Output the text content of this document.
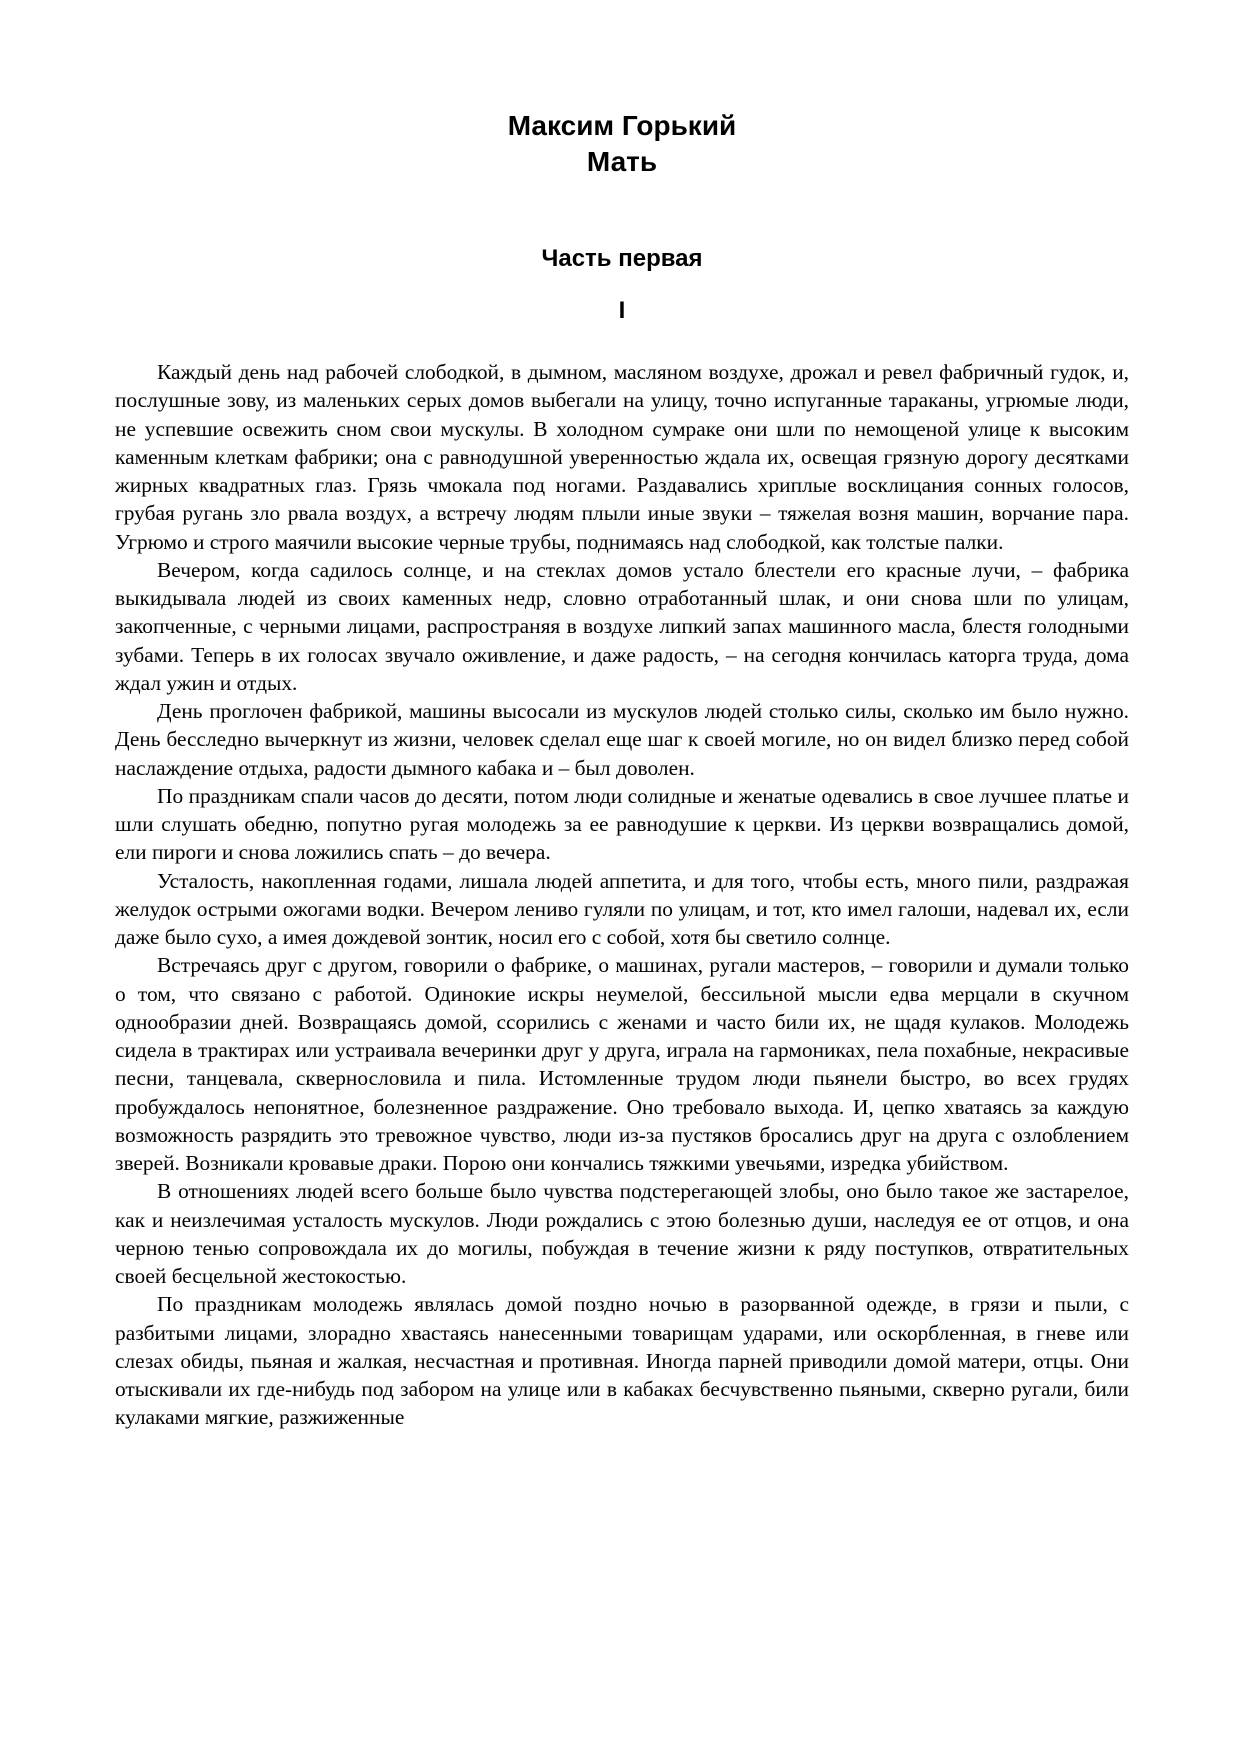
Максим Горький

Мать

Часть первая

I

Каждый день над рабочей слободкой, в дымном, масляном воздухе, дрожал и ревел фабричный гудок, и, послушные зову, из маленьких серых домов выбегали на улицу, точно испуганные тараканы, угрюмые люди, не успевшие освежить сном свои мускулы. В холодном сумраке они шли по немощеной улице к высоким каменным клеткам фабрики; она с равнодушной уверенностью ждала их, освещая грязную дорогу десятками жирных квадратных глаз. Грязь чмокала под ногами. Раздавались хриплые восклицания сонных голосов, грубая ругань зло рвала воздух, а встречу людям плыли иные звуки – тяжелая возня машин, ворчание пара. Угрюмо и строго маячили высокие черные трубы, поднимаясь над слободкой, как толстые палки.

Вечером, когда садилось солнце, и на стеклах домов устало блестели его красные лучи, – фабрика выкидывала людей из своих каменных недр, словно отработанный шлак, и они снова шли по улицам, закопченные, с черными лицами, распространяя в воздухе липкий запах машинного масла, блестя голодными зубами. Теперь в их голосах звучало оживление, и даже радость, – на сегодня кончилась каторга труда, дома ждал ужин и отдых.

День проглочен фабрикой, машины высосали из мускулов людей столько силы, сколько им было нужно. День бесследно вычеркнут из жизни, человек сделал еще шаг к своей могиле, но он видел близко перед собой наслаждение отдыха, радости дымного кабака и – был доволен.

По праздникам спали часов до десяти, потом люди солидные и женатые одевались в свое лучшее платье и шли слушать обедню, попутно ругая молодежь за ее равнодушие к церкви. Из церкви возвращались домой, ели пироги и снова ложились спать – до вечера.

Усталость, накопленная годами, лишала людей аппетита, и для того, чтобы есть, много пили, раздражая желудок острыми ожогами водки. Вечером лениво гуляли по улицам, и тот, кто имел галоши, надевал их, если даже было сухо, а имея дождевой зонтик, носил его с собой, хотя бы светило солнце.

Встречаясь друг с другом, говорили о фабрике, о машинах, ругали мастеров, – говорили и думали только о том, что связано с работой. Одинокие искры неумелой, бессильной мысли едва мерцали в скучном однообразии дней. Возвращаясь домой, ссорились с женами и часто били их, не щадя кулаков. Молодежь сидела в трактирах или устраивала вечеринки друг у друга, играла на гармониках, пела похабные, некрасивые песни, танцевала, сквернословила и пила. Истомленные трудом люди пьянели быстро, во всех грудях пробуждалось непонятное, болезненное раздражение. Оно требовало выхода. И, цепко хватаясь за каждую возможность разрядить это тревожное чувство, люди из-за пустяков бросались друг на друга с озлоблением зверей. Возникали кровавые драки. Порою они кончались тяжкими увечьями, изредка убийством.

В отношениях людей всего больше было чувства подстерегающей злобы, оно было такое же застарелое, как и неизлечимая усталость мускулов. Люди рождались с этою болезнью души, наследуя ее от отцов, и она черною тенью сопровождала их до могилы, побуждая в течение жизни к ряду поступков, отвратительных своей бесцельной жестокостью.

По праздникам молодежь являлась домой поздно ночью в разорванной одежде, в грязи и пыли, с разбитыми лицами, злорадно хвастаясь нанесенными товарищам ударами, или оскорбленная, в гневе или слезах обиды, пьяная и жалкая, несчастная и противная. Иногда парней приводили домой матери, отцы. Они отыскивали их где-нибудь под забором на улице или в кабаках бесчувственно пьяными, скверно ругали, били кулаками мягкие, разжиженные
